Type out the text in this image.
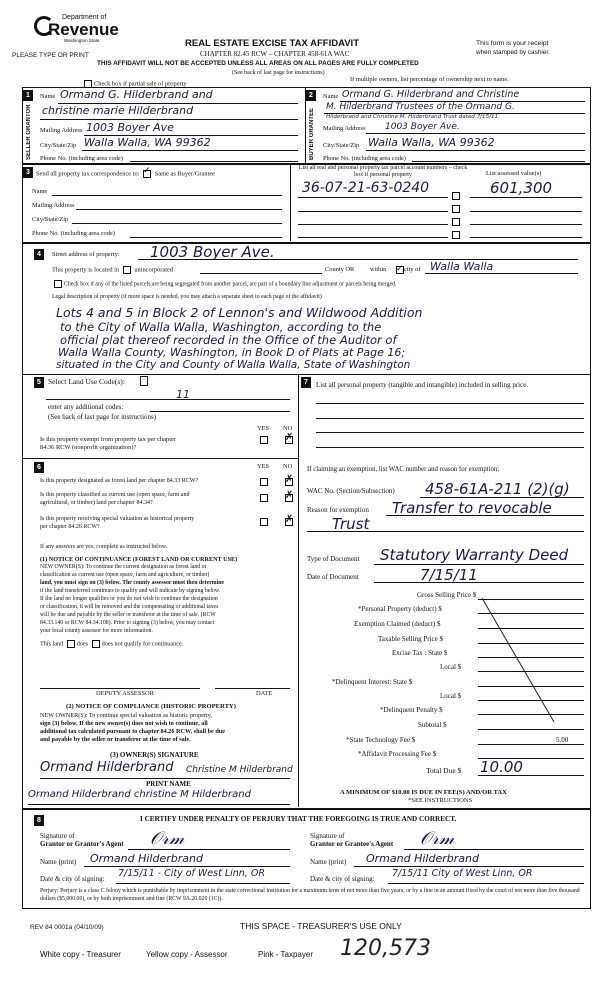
Department of
Revenue
Washington State
PLEASE TYPE OR PRINT
REAL ESTATE EXCISE TAX AFFIDAVIT
CHAPTER 82.45 RCW – CHAPTER 458-61A WAC
THIS AFFIDAVIT WILL NOT BE ACCEPTED UNLESS ALL AREAS ON ALL PAGES ARE FULLY COMPLETED
(See back of last page for instructions)
This form is your receipt
when stamped by cashier.
Check box if partial sale of property
If multiple owners, list percentage of ownership next to name.
1
SELLER GRANTOR
2
BUYER GRANTEE
Name Ormand G. Hilderbrand and
christine marie Hilderbrand
Mailing Address 1003 Boyer Ave
City/State/Zip Walla Walla, WA 99362
Phone No. (including area code)
Name Ormand G. Hilderbrand and Christine
M. Hilderbrand Trustees of the Ormand G.
Hilderbrand and Christine M. Hilderbrand Trust dated 7/15/11
Mailing Address 1003 Boyer Ave.
City/State/Zip Walla Walla, WA 99362
Phone No. (including area code)
3 Send all property tax correspondence to: ✓ Same as Buyer/Grantee
Name
Mailing Address
City/State/Zip
Phone No. (including area code)
List all real and personal property tax parcel account numbers – check box if personal property	List assessed value(s)
36-07-21-63-0240	601,300
4	Street address of property: 1003 Boyer Ave.
This property is located in unincorporated	County OR within ✓ city of Walla Walla
Check box if any of the listed parcels are being segregated from another parcel, are part of a boundary line adjustment or parcels being merged.
Legal description of property (if more space is needed, you may attach a separate sheet to each page of the affidavit)
Lots 4 and 5 in Block 2 of Lennon's and Wildwood Addition
to the City of Walla Walla, Washington, according to the
official plat thereof recorded in the Office of the Auditor of
Walla Walla County, Washington, in Book D of Plats at Page 16;
situated in the City and County of Walla Walla, State of Washington
5 Select Land Use Code(s):
11
enter any additional codes:
(See back of last page for instructions)
YES NO
Is this property exempt from property tax per chapter
84.36 RCW (nonprofit organization)?
✗
6	YES NO
Is this property designated as forest land per chapter 84.33 RCW?	✗
Is this property classified as current use (open space, farm and
agricultural, or timber) land per chapter 84.34?
✗
Is this property receiving special valuation as historical property
per chapter 84.26 RCW?
✗
If any answers are yes, complete as instructed below.
(1) NOTICE OF CONTINUANCE (FOREST LAND OR CURRENT USE)
NEW OWNER(S): To continue the current designation as forest land or
classification as current use (open space, farm and agriculture, or timber)
land, you must sign on (3) below. The county assessor must then determine
if the land transferred continues to qualify and will indicate by signing below.
If the land no longer qualifies or you do not wish to continue the designation
or classification, it will be removed and the compensating or additional taxes
will be due and payable by the seller or transferor at the time of sale. (RCW
84.33.140 or RCW 84.34.108). Prior to signing (3) below, you may contact
your local county assessor for more information.
This land does does not qualify for continuance.
DEPUTY ASSESSOR	DATE
(2) NOTICE OF COMPLIANCE (HISTORIC PROPERTY)
NEW OWNER(S): To continue special valuation as historic property,
sign (3) below. If the new owner(s) does not wish to continue, all
additional tax calculated pursuant to chapter 84.26 RCW, shall be due
and payable by the seller or transferor at the time of sale.
(3) OWNER(S) SIGNATURE
Ormand Hilderbrand Christine M Hilderbrand
PRINT NAME
Ormand Hilderbrand christine M Hilderbrand
7	List all personal property (tangible and intangible) included in selling price.
If claiming an exemption, list WAC number and reason for exemption:
WAC No. (Section/Subsection) 458-61A-211 (2)(g)
Reason for exemption Transfer to revocable
Trust
Type of Document Statutory Warranty Deed
Date of Document	7/15/11
Gross Selling Price $
*Personal Property (deduct) $
Exemption Claimed (deduct) $
Taxable Selling Price $
Excise Tax : State $
Local $
*Delinquent Interest: State $
Local $
*Delinquent Penalty $
Subtotal $
*State Technology Fee $	5.00
*Affidavit Processing Fee $
Total Due $ 10.00
A MINIMUM OF $10.00 IS DUE IN FEE(S) AND/OR TAX
*SEE INSTRUCTIONS
8	I CERTIFY UNDER PENALTY OF PERJURY THAT THE FOREGOING IS TRUE AND CORRECT.
Signature of
Grantor or Grantor's Agent 𝒪𝓇𝓂
Name (print) Ormand Hilderbrand
Date & city of signing: 7/15/11 - City of West Linn, OR
Signature of
Grantor or Grantee's Agent 𝒪𝓇𝓂
Name (print) Ormand Hilderbrand
Date & city of signing: 7/15/11 City of West Linn, OR
Perjury: Perjury is a class C felony which is punishable by imprisonment in the state correctional institution for a maximum term of not more than five years, or by a fine in an amount fixed by the court of not more than five thousand dollars ($5,000.00), or by both imprisonment and fine (RCW 9A.20.020 (1C)).
REV 84 0001a (04/10/09)	THIS SPACE - TREASURER'S USE ONLY
White copy - Treasurer	Yellow copy - Assessor	Pink - Taxpayer 120,573
